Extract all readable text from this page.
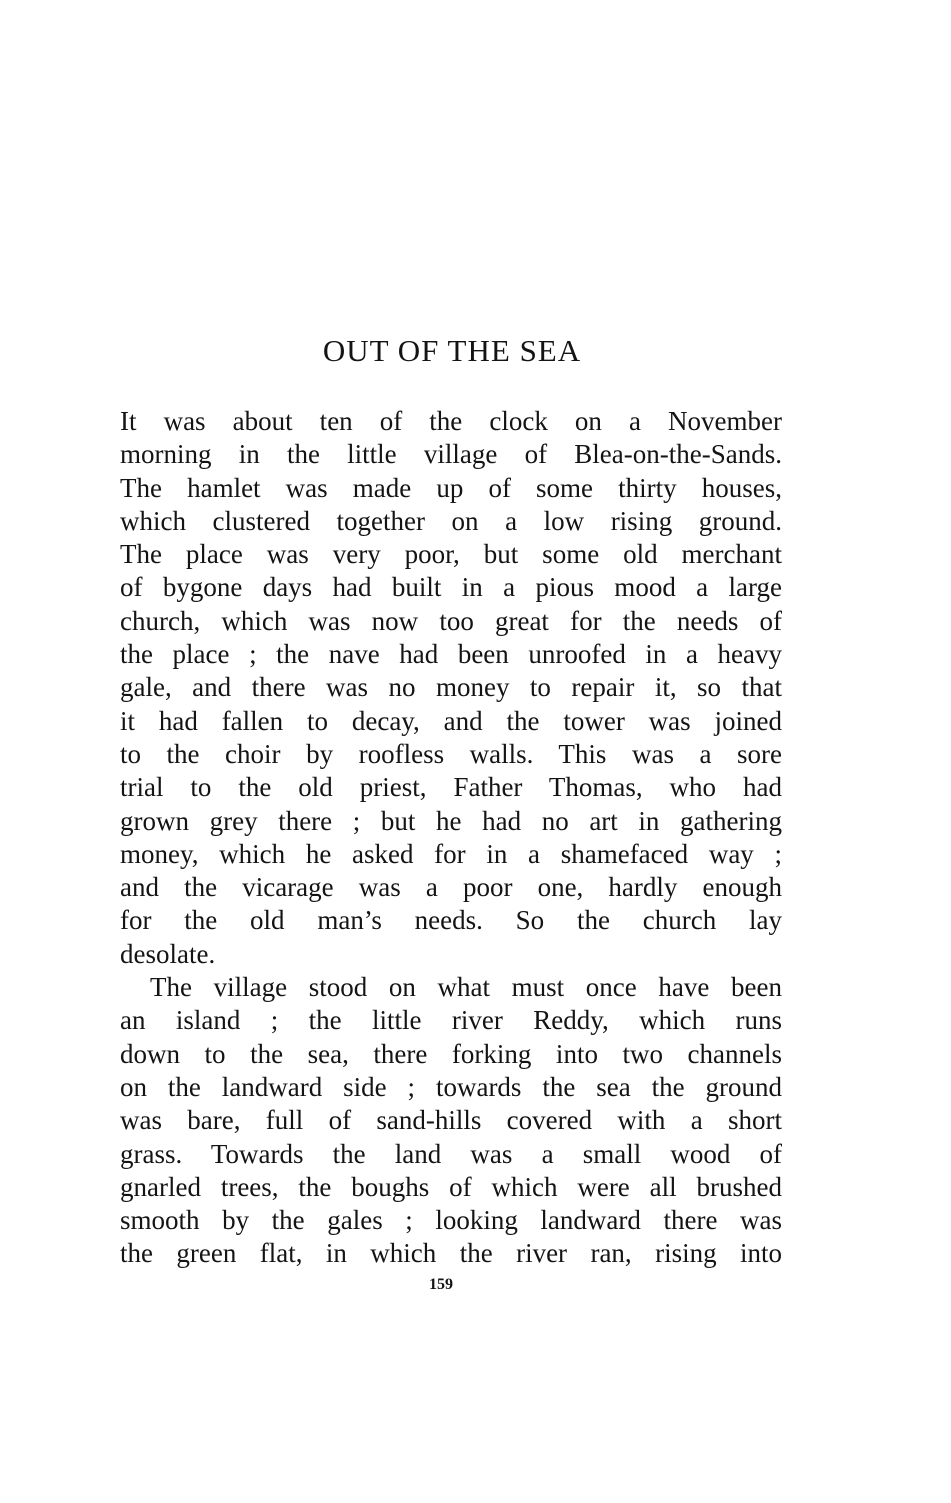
OUT OF THE SEA
It was about ten of the clock on a November
morning in the little village of Blea-on-the-Sands.
The hamlet was made up of some thirty houses,
which clustered together on a low rising ground.
The place was very poor, but some old merchant
of bygone days had built in a pious mood a large
church, which was now too great for the needs of
the place ; the nave had been unroofed in a heavy
gale, and there was no money to repair it, so that
it had fallen to decay, and the tower was joined
to the choir by roofless walls. This was a sore
trial to the old priest, Father Thomas, who had
grown grey there ; but he had no art in gathering
money, which he asked for in a shamefaced way ;
and the vicarage was a poor one, hardly enough
for the old man’s needs. So the church lay
desolate.
The village stood on what must once have been
an island ; the little river Reddy, which runs
down to the sea, there forking into two channels
on the landward side ; towards the sea the ground
was bare, full of sand-hills covered with a short
grass. Towards the land was a small wood of
gnarled trees, the boughs of which were all brushed
smooth by the gales ; looking landward there was
the green flat, in which the river ran, rising into
159
